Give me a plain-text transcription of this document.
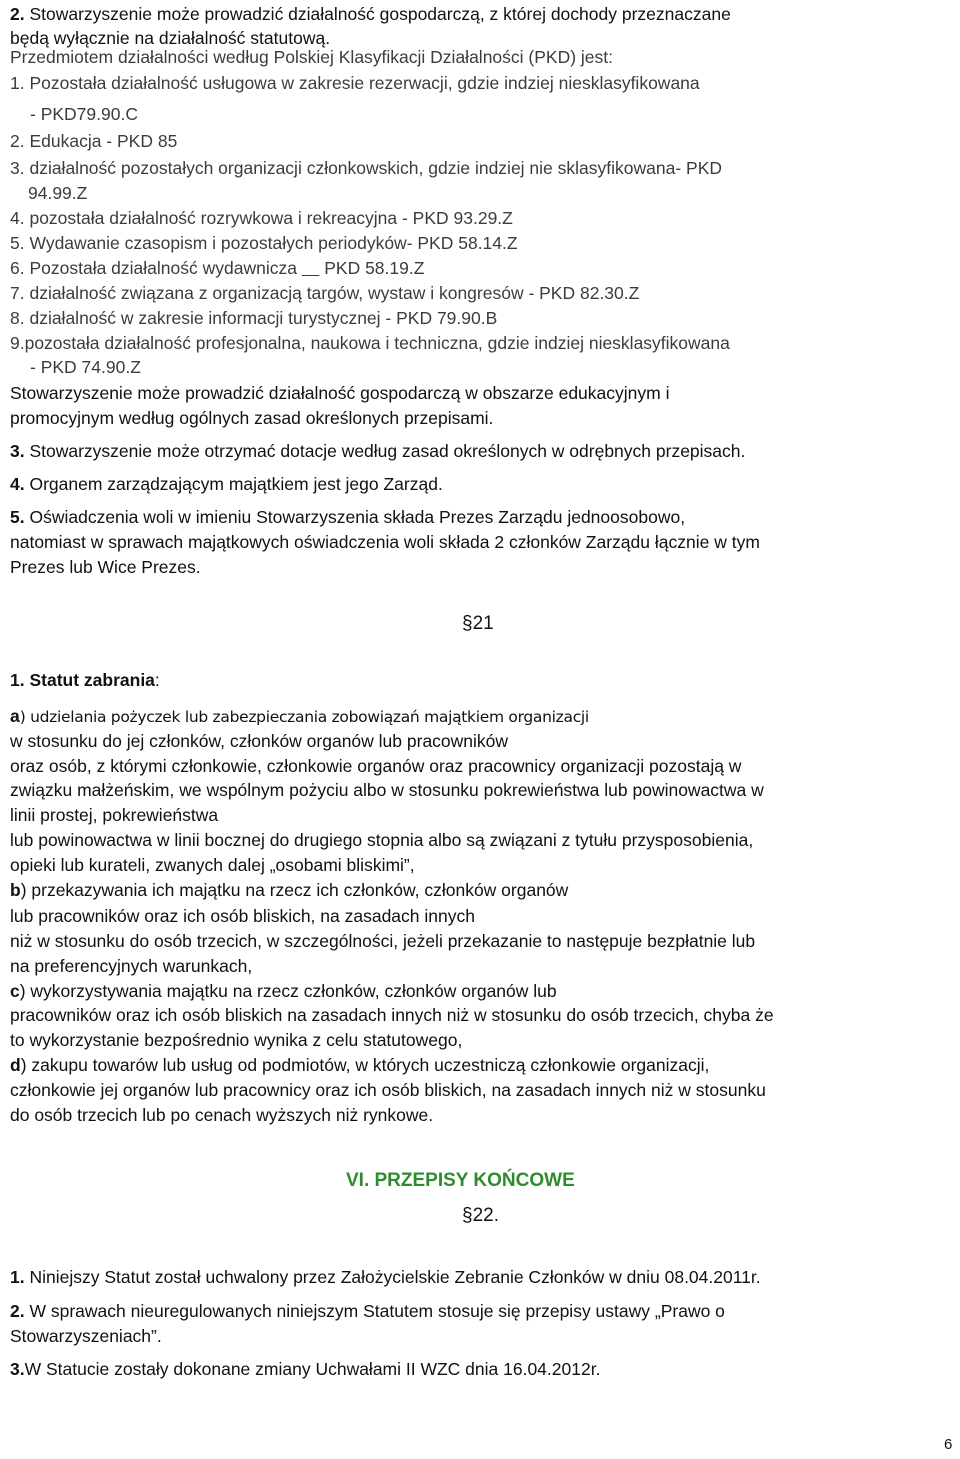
2. Stowarzyszenie może prowadzić działalność gospodarczą, z której dochody przeznaczane
będą wyłącznie na działalność statutową.
Przedmiotem działalności według Polskiej Klasyfikacji Działalności (PKD) jest:
1. Pozostała działalność usługowa w zakresie rezerwacji, gdzie indziej niesklasyfikowana
- PKD79.90.C
2. Edukacja - PKD 85
3. działalność pozostałych organizacji członkowskich, gdzie indziej nie sklasyfikowana- PKD
94.99.Z
4. pozostała działalność rozrywkowa i rekreacyjna - PKD 93.29.Z
5. Wydawanie czasopism i pozostałych periodyków- PKD 58.14.Z
6. Pozostała działalność wydawnicza    PKD 58.19.Z
7. działalność związana z organizacją targów, wystaw i kongresów - PKD 82.30.Z
8. działalność w zakresie informacji turystycznej - PKD 79.90.B
9.pozostała działalność profesjonalna, naukowa i techniczna, gdzie indziej niesklasyfikowana
- PKD 74.90.Z
Stowarzyszenie może prowadzić działalność gospodarczą w obszarze edukacyjnym i
promocyjnym według ogólnych zasad określonych przepisami.
3. Stowarzyszenie może otrzymać dotacje według zasad określonych w odrębnych przepisach.
4. Organem zarządzającym majątkiem jest jego Zarząd.
5. Oświadczenia woli w imieniu Stowarzyszenia składa Prezes Zarządu jednoosobowo,
natomiast w sprawach majątkowych oświadczenia woli składa 2 członków Zarządu łącznie w tym
Prezes lub Wice Prezes.
§21
1. Statut zabrania:
a) udzielania pożyczek lub zabezpieczania zobowiązań majątkiem organizacji
w stosunku do jej członków, członków organów lub pracowników
oraz osób, z którymi członkowie, członkowie organów oraz pracownicy organizacji pozostają w
związku małżeńskim, we wspólnym pożyciu albo w stosunku pokrewieństwa lub powinowactwa w
linii prostej, pokrewieństwa
lub powinowactwa w linii bocznej do drugiego stopnia albo są związani z tytułu przysposobienia,
opieki lub kurateli, zwanych dalej „osobami bliskimi”,
b) przekazywania ich majątku na rzecz ich członków, członków organów
lub pracowników oraz ich osób bliskich, na zasadach innych
niż w stosunku do osób trzecich, w szczególności, jeżeli przekazanie to następuje bezpłatnie lub
na preferencyjnych warunkach,
c) wykorzystywania majątku na rzecz członków, członków organów lub
pracowników oraz ich osób bliskich na zasadach innych niż w stosunku do osób trzecich, chyba że
to wykorzystanie bezpośrednio wynika z celu statutowego,
d) zakupu towarów lub usług od podmiotów, w których uczestniczą członkowie organizacji,
członkowie jej organów lub pracownicy oraz ich osób bliskich, na zasadach innych niż w stosunku
do osób trzecich lub po cenach wyższych niż rynkowe.
VI. PRZEPISY KOŃCOWE
§22.
1. Niniejszy Statut został uchwalony przez Założycielskie Zebranie Członków w dniu 08.04.2011r.
2. W sprawach nieuregulowanych niniejszym Statutem stosuje się przepisy ustawy „Prawo o
Stowarzyszeniach”.
3.W Statucie zostały dokonane zmiany Uchwałami II WZC dnia 16.04.2012r.
6
